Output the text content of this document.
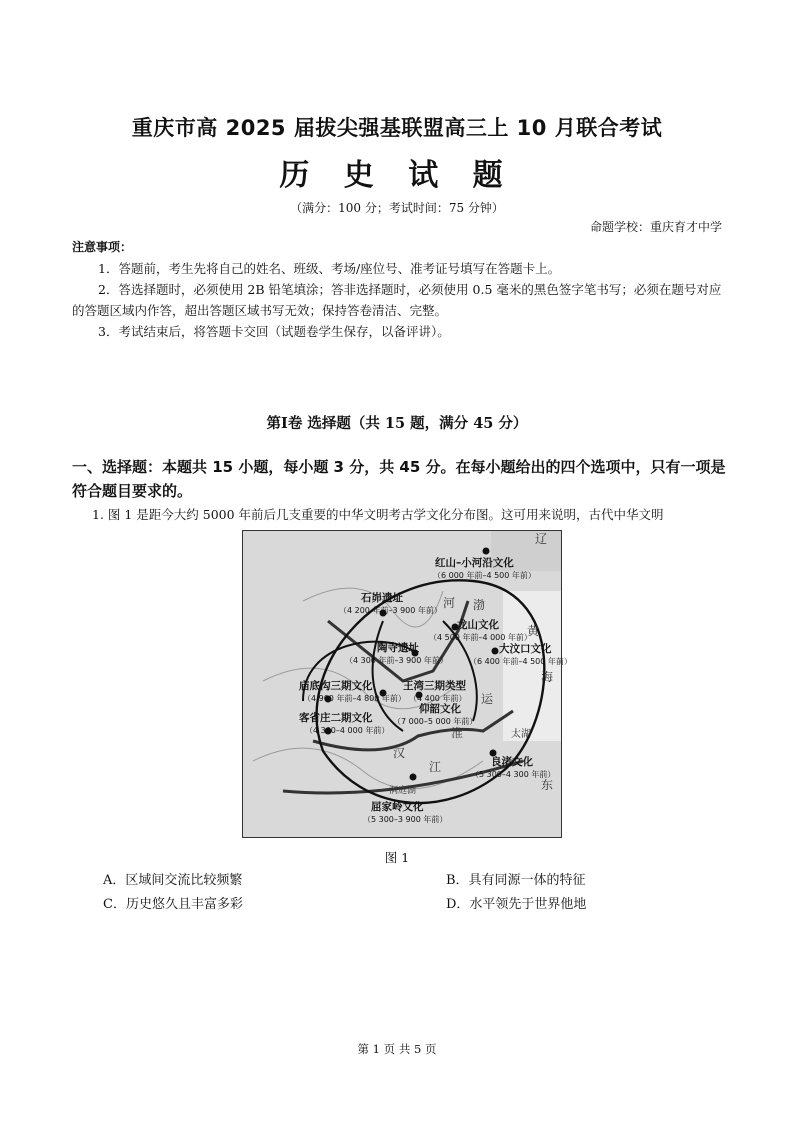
重庆市高 2025 届拔尖强基联盟高三上 10 月联合考试
历 史 试 题
（满分：100 分；考试时间：75 分钟）
命题学校：重庆育才中学
注意事项：

1．答题前，考生先将自己的姓名、班级、考场/座位号、准考证号填写在答题卡上。

2．答选择题时，必须使用 2B 铅笔填涂；答非选择题时，必须使用 0.5 毫米的黑色签字笔书写；必须在题号对应的答题区域内作答，超出答题区域书写无效；保持答卷清洁、完整。

3．考试结束后，将答题卡交回（试题卷学生保存，以备评讲）。

第Ⅰ卷 选择题（共 15 题，满分 45 分）
一、选择题：本题共 15 小题，每小题 3 分，共 45 分。在每小题给出的四个选项中，只有一项是符合题目要求的。
1. 图 1 是距今大约 5000 年前后几支重要的中华文明考古学文化分布图。这可用来说明，古代中华文明
红山–小河沿文化
（6 000 年前–4 500 年前）
石峁遗址
（4 200 年前–3 900 年前）
龙山文化
（4 500 年前–4 000 年前）
陶寺遗址
（4 300 年前–3 900 年前）
大汶口文化
（6 400 年前–4 500 年前）
庙底沟三期文化
（4 900 年前–4 800 年前）
王湾三期类型
（4 400 年前）
仰韶文化
（7 000–5 000 年前）
客省庄二期文化
（4 300–4 000 年前）
良渚文化
（5 300–4 300 年前）
屈家岭文化
（5 300–3 900 年前）
辽
渤
黄
海
河
运
淮
汉
江
太湖
洞庭湖	东
图 1
A．区域间交流比较频繁	B．具有同源一体的特征
C．历史悠久且丰富多彩	D．水平领先于世界他地
第 1 页 共 5 页
